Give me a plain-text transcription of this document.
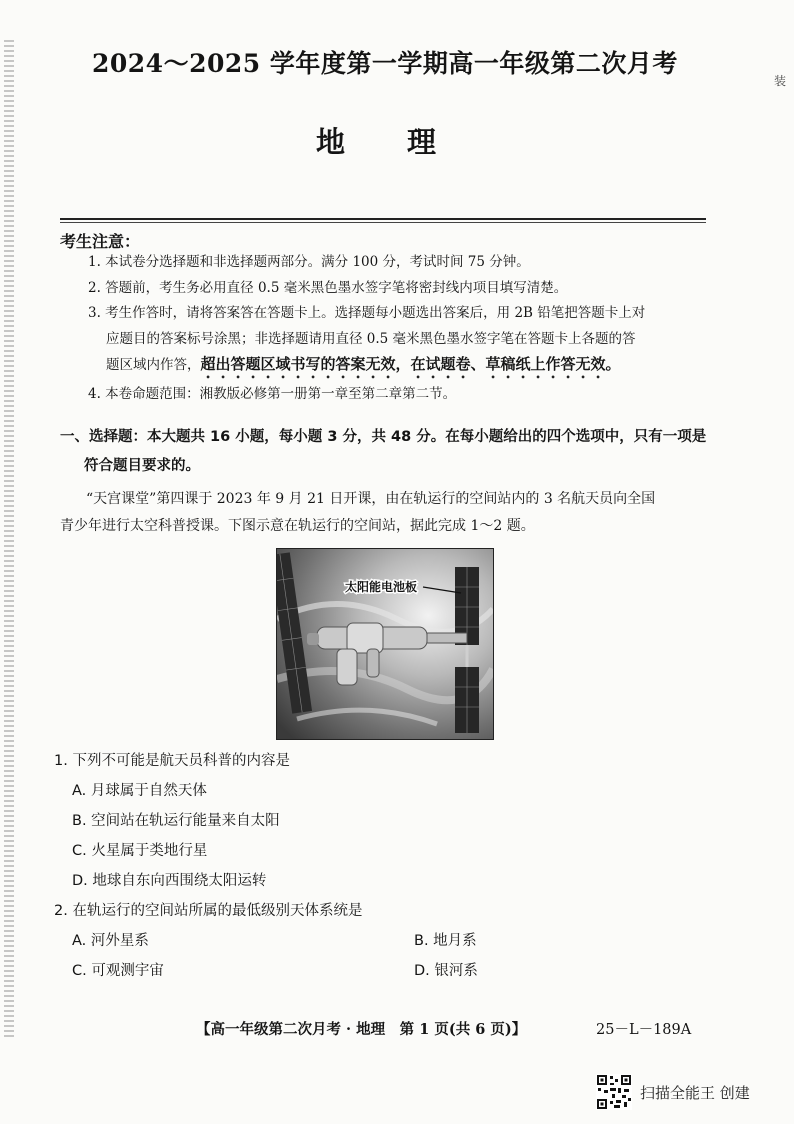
装
2024～2025 学年度第一学期高一年级第二次月考
地理
考生注意：
1. 本试卷分选择题和非选择题两部分。满分 100 分，考试时间 75 分钟。
2. 答题前，考生务必用直径 0.5 毫米黑色墨水签字笔将密封线内项目填写清楚。
3. 考生作答时，请将答案答在答题卡上。选择题每小题选出答案后，用 2B 铅笔把答题卡上对
应题目的答案标号涂黑；非选择题请用直径 0.5 毫米黑色墨水签字笔在答题卡上各题的答
题区域内作答，超出答题区域书写的答案无效，在试题卷、草稿纸上作答无效。
4. 本卷命题范围：湘教版必修第一册第一章至第二章第二节。
一、选择题：本大题共 16 小题，每小题 3 分，共 48 分。在每小题给出的四个选项中，只有一项是
符合题目要求的。
“天宫课堂”第四课于 2023 年 9 月 21 日开课，由在轨运行的空间站内的 3 名航天员向全国
青少年进行太空科普授课。下图示意在轨运行的空间站，据此完成 1～2 题。
太阳能电池板
1. 下列不可能是航天员科普的内容是
A. 月球属于自然天体
B. 空间站在轨运行能量来自太阳
C. 火星属于类地行星
D. 地球自东向西围绕太阳运转
2. 在轨运行的空间站所属的最低级别天体系统是
A. 河外星系	B. 地月系
C. 可观测宇宙	D. 银河系
【高一年级第二次月考 · 地理　第 1 页(共 6 页)】	25－L－189A
扫描全能王 创建
